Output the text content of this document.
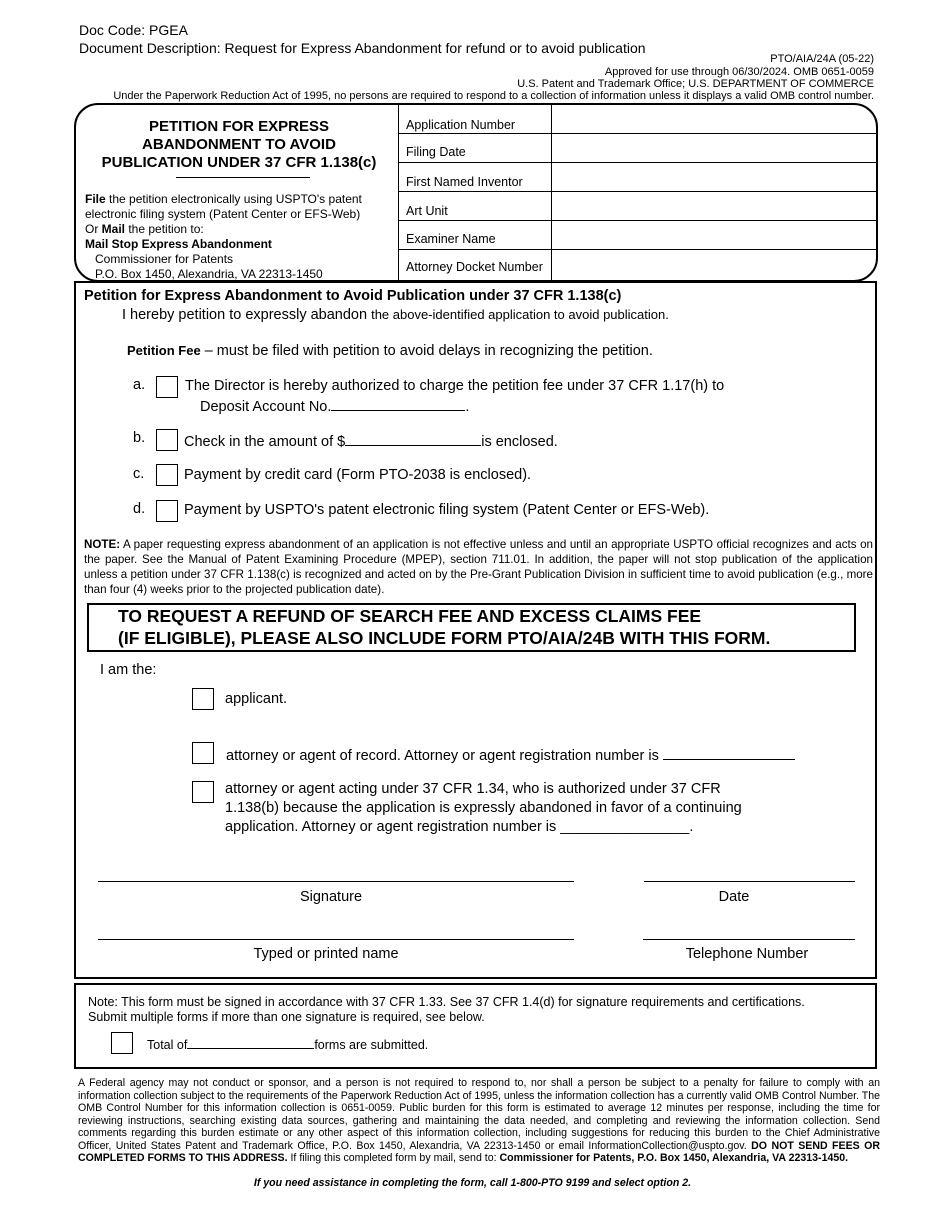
Doc Code: PGEA
Document Description: Request for Express Abandonment for refund or to avoid publication
PTO/AIA/24A (05-22)
Approved for use through 06/30/2024. OMB 0651-0059
U.S. Patent and Trademark Office; U.S. DEPARTMENT OF COMMERCE
Under the Paperwork Reduction Act of 1995, no persons are required to respond to a collection of information unless it displays a valid OMB control number.
PETITION FOR EXPRESS
ABANDONMENT TO AVOID
PUBLICATION UNDER 37 CFR 1.138(c)
File the petition electronically using USPTO's patent
electronic filing system (Patent Center or EFS-Web)
Or Mail the petition to:
Mail Stop Express Abandonment
Commissioner for Patents
P.O. Box 1450, Alexandria, VA 22313-1450
Application Number
Filing Date
First Named Inventor
Art Unit
Examiner Name
Attorney Docket Number
Petition for Express Abandonment to Avoid Publication under 37 CFR 1.138(c)
I hereby petition to expressly abandon the above-identified application to avoid publication.
Petition Fee – must be filed with petition to avoid delays in recognizing the petition.
a.	The Director is hereby authorized to charge the petition fee under 37 CFR 1.17(h) to
Deposit Account No.	.
b.	Check in the amount of $	is enclosed.
c.	Payment by credit card (Form PTO-2038 is enclosed).
d.	Payment by USPTO's patent electronic filing system (Patent Center or EFS-Web).
NOTE: A paper requesting express abandonment of an application is not effective unless and until an appropriate USPTO official recognizes and acts on the paper. See the Manual of Patent Examining Procedure (MPEP), section 711.01. In addition, the paper will not stop publication of the application unless a petition under 37 CFR 1.138(c) is recognized and acted on by the Pre-Grant Publication Division in sufficient time to avoid publication (e.g., more than four (4) weeks prior to the projected publication date).
TO REQUEST A REFUND OF SEARCH FEE AND EXCESS CLAIMS FEE
(IF ELIGIBLE), PLEASE ALSO INCLUDE FORM PTO/AIA/24B WITH THIS FORM.
I am the:
applicant.
attorney or agent of record. Attorney or agent registration number is
attorney or agent acting under 37 CFR 1.34, who is authorized under 37 CFR
1.138(b) because the application is expressly abandoned in favor of a continuing
application. Attorney or agent registration number is ________________.
Signature	Date
Typed or printed name	Telephone Number
Note: This form must be signed in accordance with 37 CFR 1.33. See 37 CFR 1.4(d) for signature requirements and certifications.
Submit multiple forms if more than one signature is required, see below.
Total of	forms are submitted.
A Federal agency may not conduct or sponsor, and a person is not required to respond to, nor shall a person be subject to a penalty for failure to comply with an information collection subject to the requirements of the Paperwork Reduction Act of 1995, unless the information collection has a currently valid OMB Control Number. The OMB Control Number for this information collection is 0651-0059. Public burden for this form is estimated to average 12 minutes per response, including the time for reviewing instructions, searching existing data sources, gathering and maintaining the data needed, and completing and reviewing the information collection. Send comments regarding this burden estimate or any other aspect of this information collection, including suggestions for reducing this burden to the Chief Administrative Officer, United States Patent and Trademark Office, P.O. Box 1450, Alexandria, VA 22313-1450 or email InformationCollection@uspto.gov. DO NOT SEND FEES OR COMPLETED FORMS TO THIS ADDRESS. If filing this completed form by mail, send to: Commissioner for Patents, P.O. Box 1450, Alexandria, VA 22313-1450.
If you need assistance in completing the form, call 1-800-PTO 9199 and select option 2.
